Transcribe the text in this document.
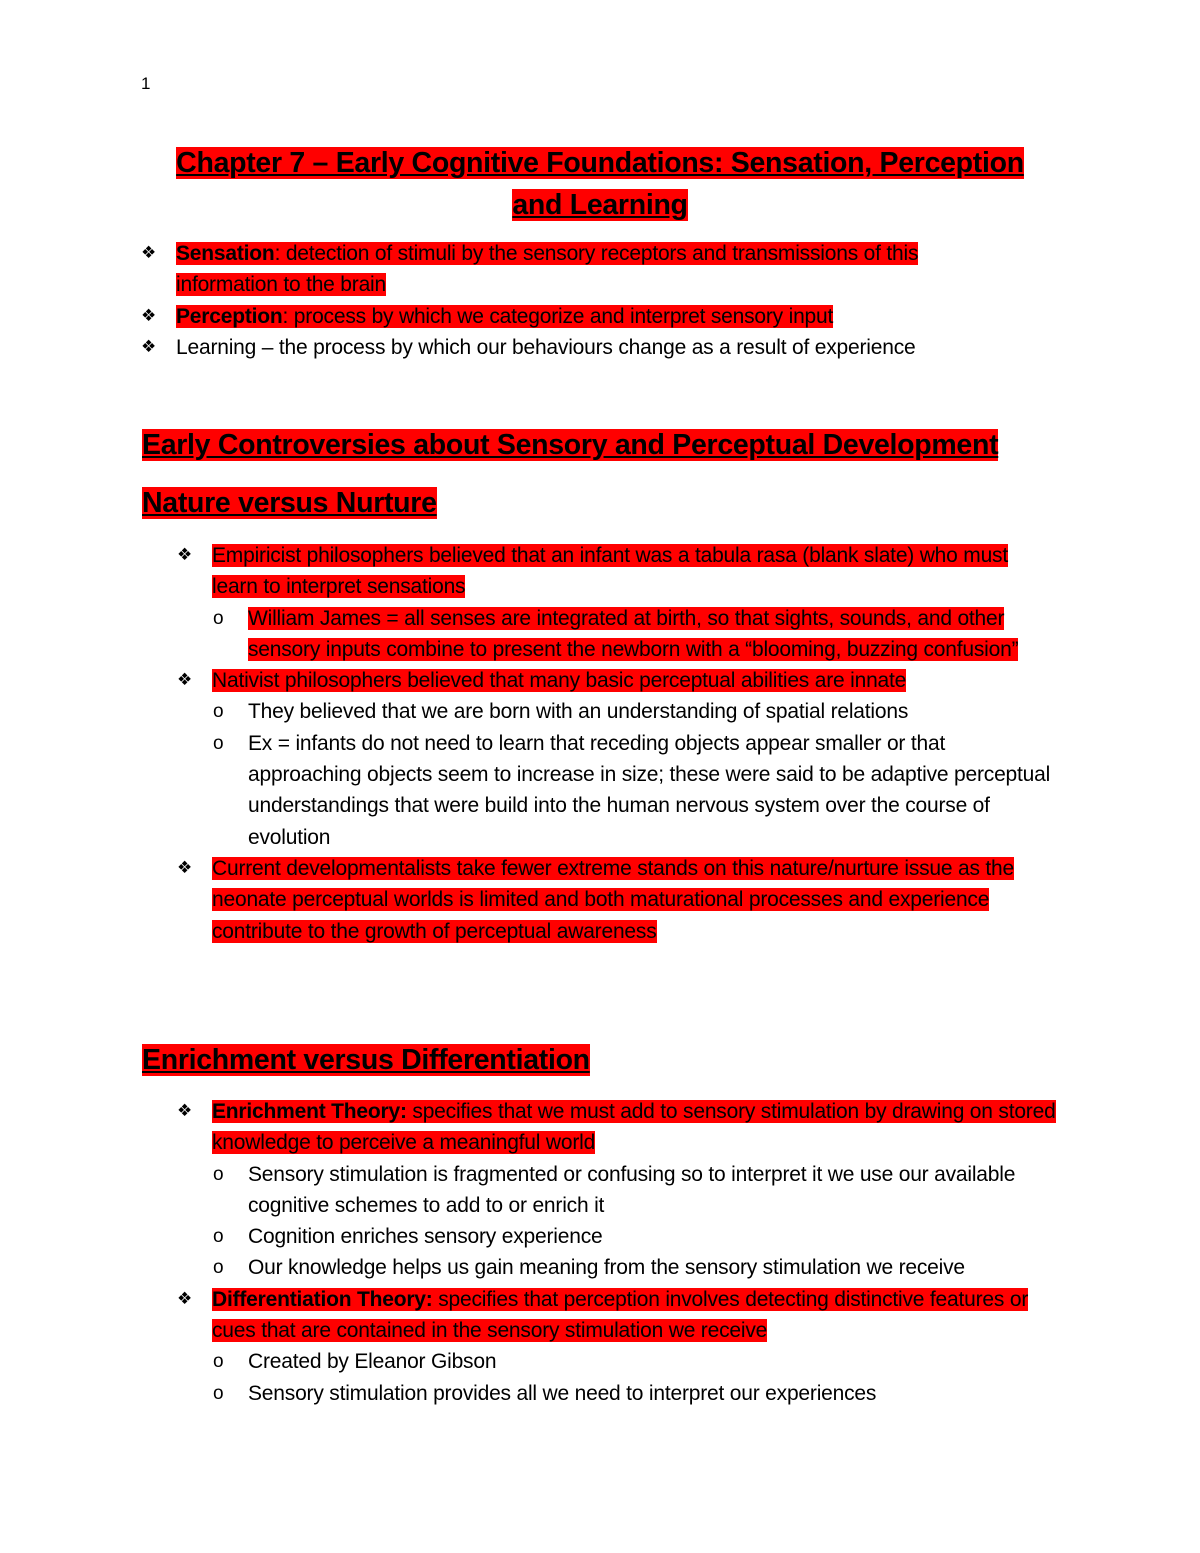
1
Chapter 7 – Early Cognitive Foundations: Sensation, Perception and Learning
❖ Sensation: detection of stimuli by the sensory receptors and transmissions of this information to the brain
❖ Perception: process by which we categorize and interpret sensory input
❖ Learning – the process by which our behaviours change as a result of experience
Early Controversies about Sensory and Perceptual Development
Nature versus Nurture
❖ Empiricist philosophers believed that an infant was a tabula rasa (blank slate) who must learn to interpret sensations
o	William James = all senses are integrated at birth, so that sights, sounds, and other sensory inputs combine to present the newborn with a “blooming, buzzing confusion”
❖ Nativist philosophers believed that many basic perceptual abilities are innate
o	They believed that we are born with an understanding of spatial relations
o	Ex = infants do not need to learn that receding objects appear smaller or that approaching objects seem to increase in size; these were said to be adaptive perceptual understandings that were build into the human nervous system over the course of evolution
❖ Current developmentalists take fewer extreme stands on this nature/nurture issue as the neonate perceptual worlds is limited and both maturational processes and experience contribute to the growth of perceptual awareness
Enrichment versus Differentiation
❖ Enrichment Theory: specifies that we must add to sensory stimulation by drawing on stored knowledge to perceive a meaningful world
o	Sensory stimulation is fragmented or confusing so to interpret it we use our available cognitive schemes to add to or enrich it
o	Cognition enriches sensory experience
o	Our knowledge helps us gain meaning from the sensory stimulation we receive
❖ Differentiation Theory: specifies that perception involves detecting distinctive features or cues that are contained in the sensory stimulation we receive
o	Created by Eleanor Gibson
o	Sensory stimulation provides all we need to interpret our experiences
